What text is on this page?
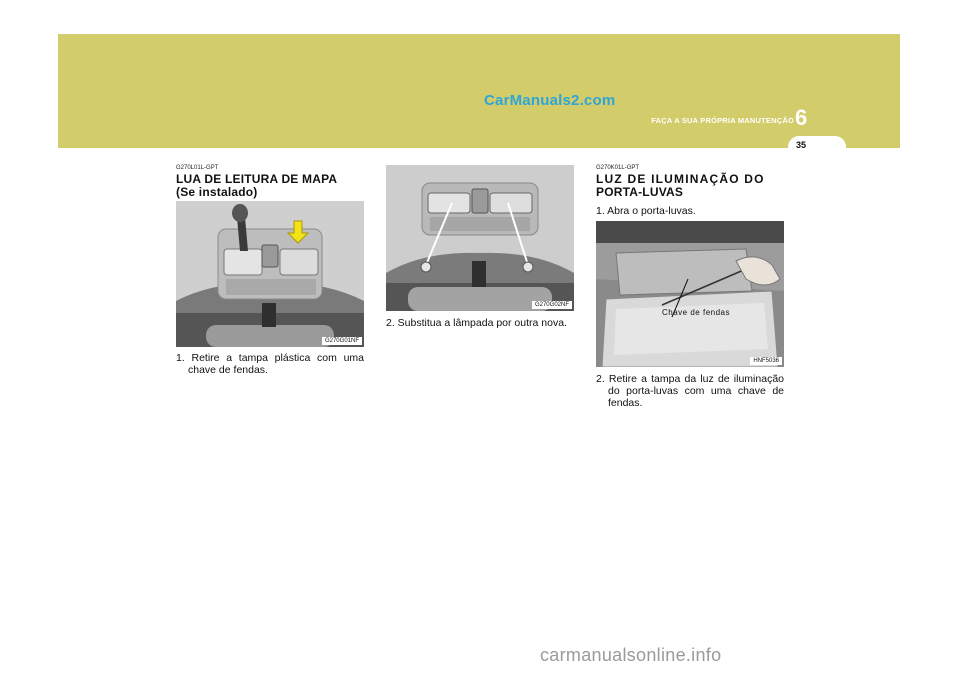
CarManuals2.com
FAÇA A SUA PRÓPRIA MANUTENÇÃO 6
35

G270L01L-GPT

LUA DE LEITURA DE MAPA

(Se instalado)

G270G01NF

1. Retire a tampa plástica com uma chave de fendas.

G270G02NF

2. Substitua a lâmpada por outra nova.

G270K01L-GPT

LUZ DE ILUMINAÇÃO DO

PORTA-LUVAS

1. Abra o porta-luvas.

Chave de fendas
HNF5036

2. Retire a tampa da luz de iluminação do porta-luvas com uma chave de fendas.

carmanualsonline.info
